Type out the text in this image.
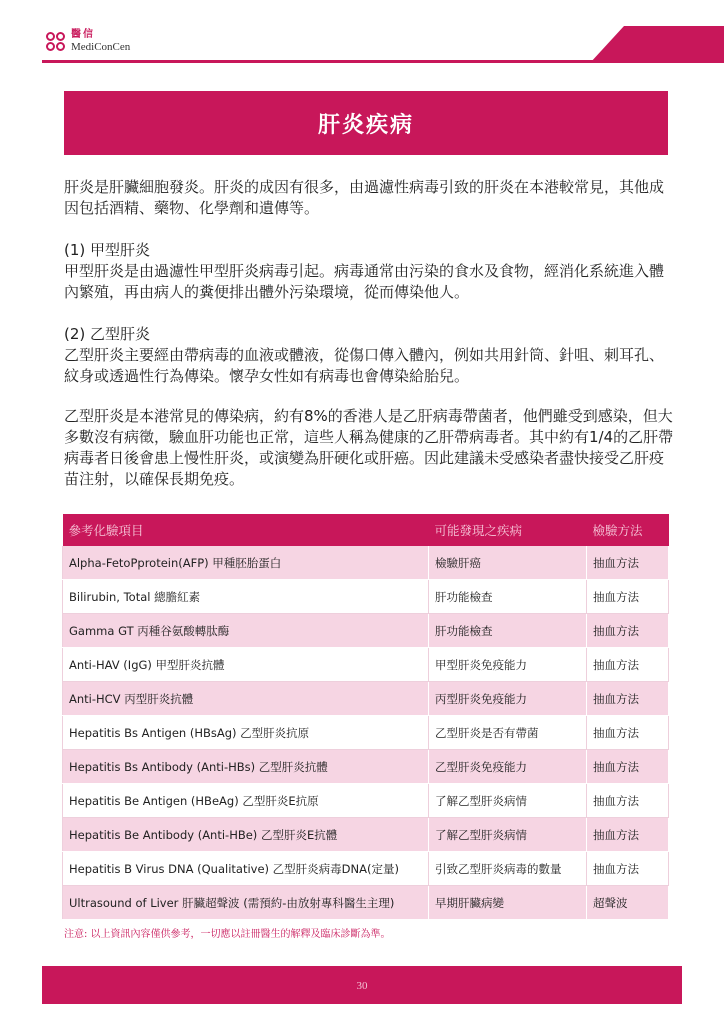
醫信
MediConCen
肝炎疾病

肝炎是肝臟細胞發炎。肝炎的成因有很多，由過濾性病毒引致的肝炎在本港較常見，其他成因包括酒精、藥物、化學劑和遺傳等。

(1) 甲型肝炎

甲型肝炎是由過濾性甲型肝炎病毒引起。病毒通常由污染的食水及食物，經消化系統進入體內繁殖，再由病人的糞便排出體外污染環境，從而傳染他人。

(2) 乙型肝炎

乙型肝炎主要經由帶病毒的血液或體液，從傷口傳入體內，例如共用針筒、針咀、刺耳孔、紋身或透過性行為傳染。懷孕女性如有病毒也會傳染給胎兒。

乙型肝炎是本港常見的傳染病，約有8%的香港人是乙肝病毒帶菌者，他們雖受到感染，但大多數沒有病徵，驗血肝功能也正常，這些人稱為健康的乙肝帶病毒者。其中約有1/4的乙肝帶病毒者日後會患上慢性肝炎，或演變為肝硬化或肝癌。因此建議未受感染者盡快接受乙肝疫苗注射，以確保長期免疫。

參考化驗項目	可能發現之疾病	檢驗方法
Alpha-FetoPprotein(AFP) 甲種胚胎蛋白	檢驗肝癌	抽血方法
Bilirubin, Total 總膽紅素	肝功能檢查	抽血方法
Gamma GT 丙種谷氨酸轉肽酶	肝功能檢查	抽血方法
Anti-HAV (IgG) 甲型肝炎抗體	甲型肝炎免疫能力	抽血方法
Anti-HCV 丙型肝炎抗體	丙型肝炎免疫能力	抽血方法
Hepatitis Bs Antigen (HBsAg) 乙型肝炎抗原	乙型肝炎是否有帶菌	抽血方法
Hepatitis Bs Antibody (Anti-HBs) 乙型肝炎抗體	乙型肝炎免疫能力	抽血方法
Hepatitis Be Antigen (HBeAg) 乙型肝炎E抗原	了解乙型肝炎病情	抽血方法
Hepatitis Be Antibody (Anti-HBe) 乙型肝炎E抗體	了解乙型肝炎病情	抽血方法
Hepatitis B Virus DNA (Qualitative) 乙型肝炎病毒DNA(定量)	引致乙型肝炎病毒的數量	抽血方法
Ultrasound of Liver 肝臟超聲波 (需預約-由放射專科醫生主理)	早期肝臟病變	超聲波
注意: 以上資訊內容僅供參考，一切應以註冊醫生的解釋及臨床診斷為準。
30
